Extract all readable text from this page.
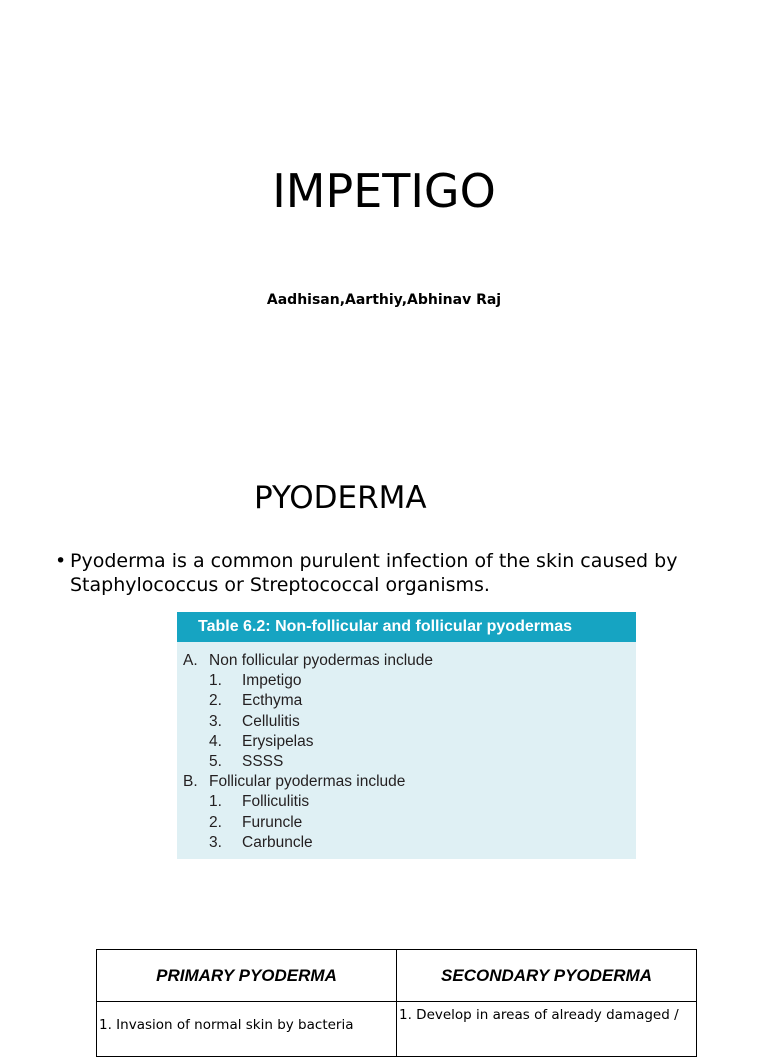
IMPETIGO
Aadhisan,Aarthiy,Abhinav Raj
PYODERMA
• Pyoderma is a common purulent infection of the skin caused by Staphylococcus or Streptococcal organisms.
Table 6.2: Non-follicular and follicular pyodermas
A. Non follicular pyodermas include
1.	Impetigo
2.	Ecthyma
3.	Cellulitis
4.	Erysipelas
5.	SSSS
B. Follicular pyodermas include
1.	Folliculitis
2.	Furuncle
3.	Carbuncle
PRIMARY PYODERMA	SECONDARY PYODERMA
1. Invasion of normal skin by bacteria	1. Develop in areas of already damaged /
